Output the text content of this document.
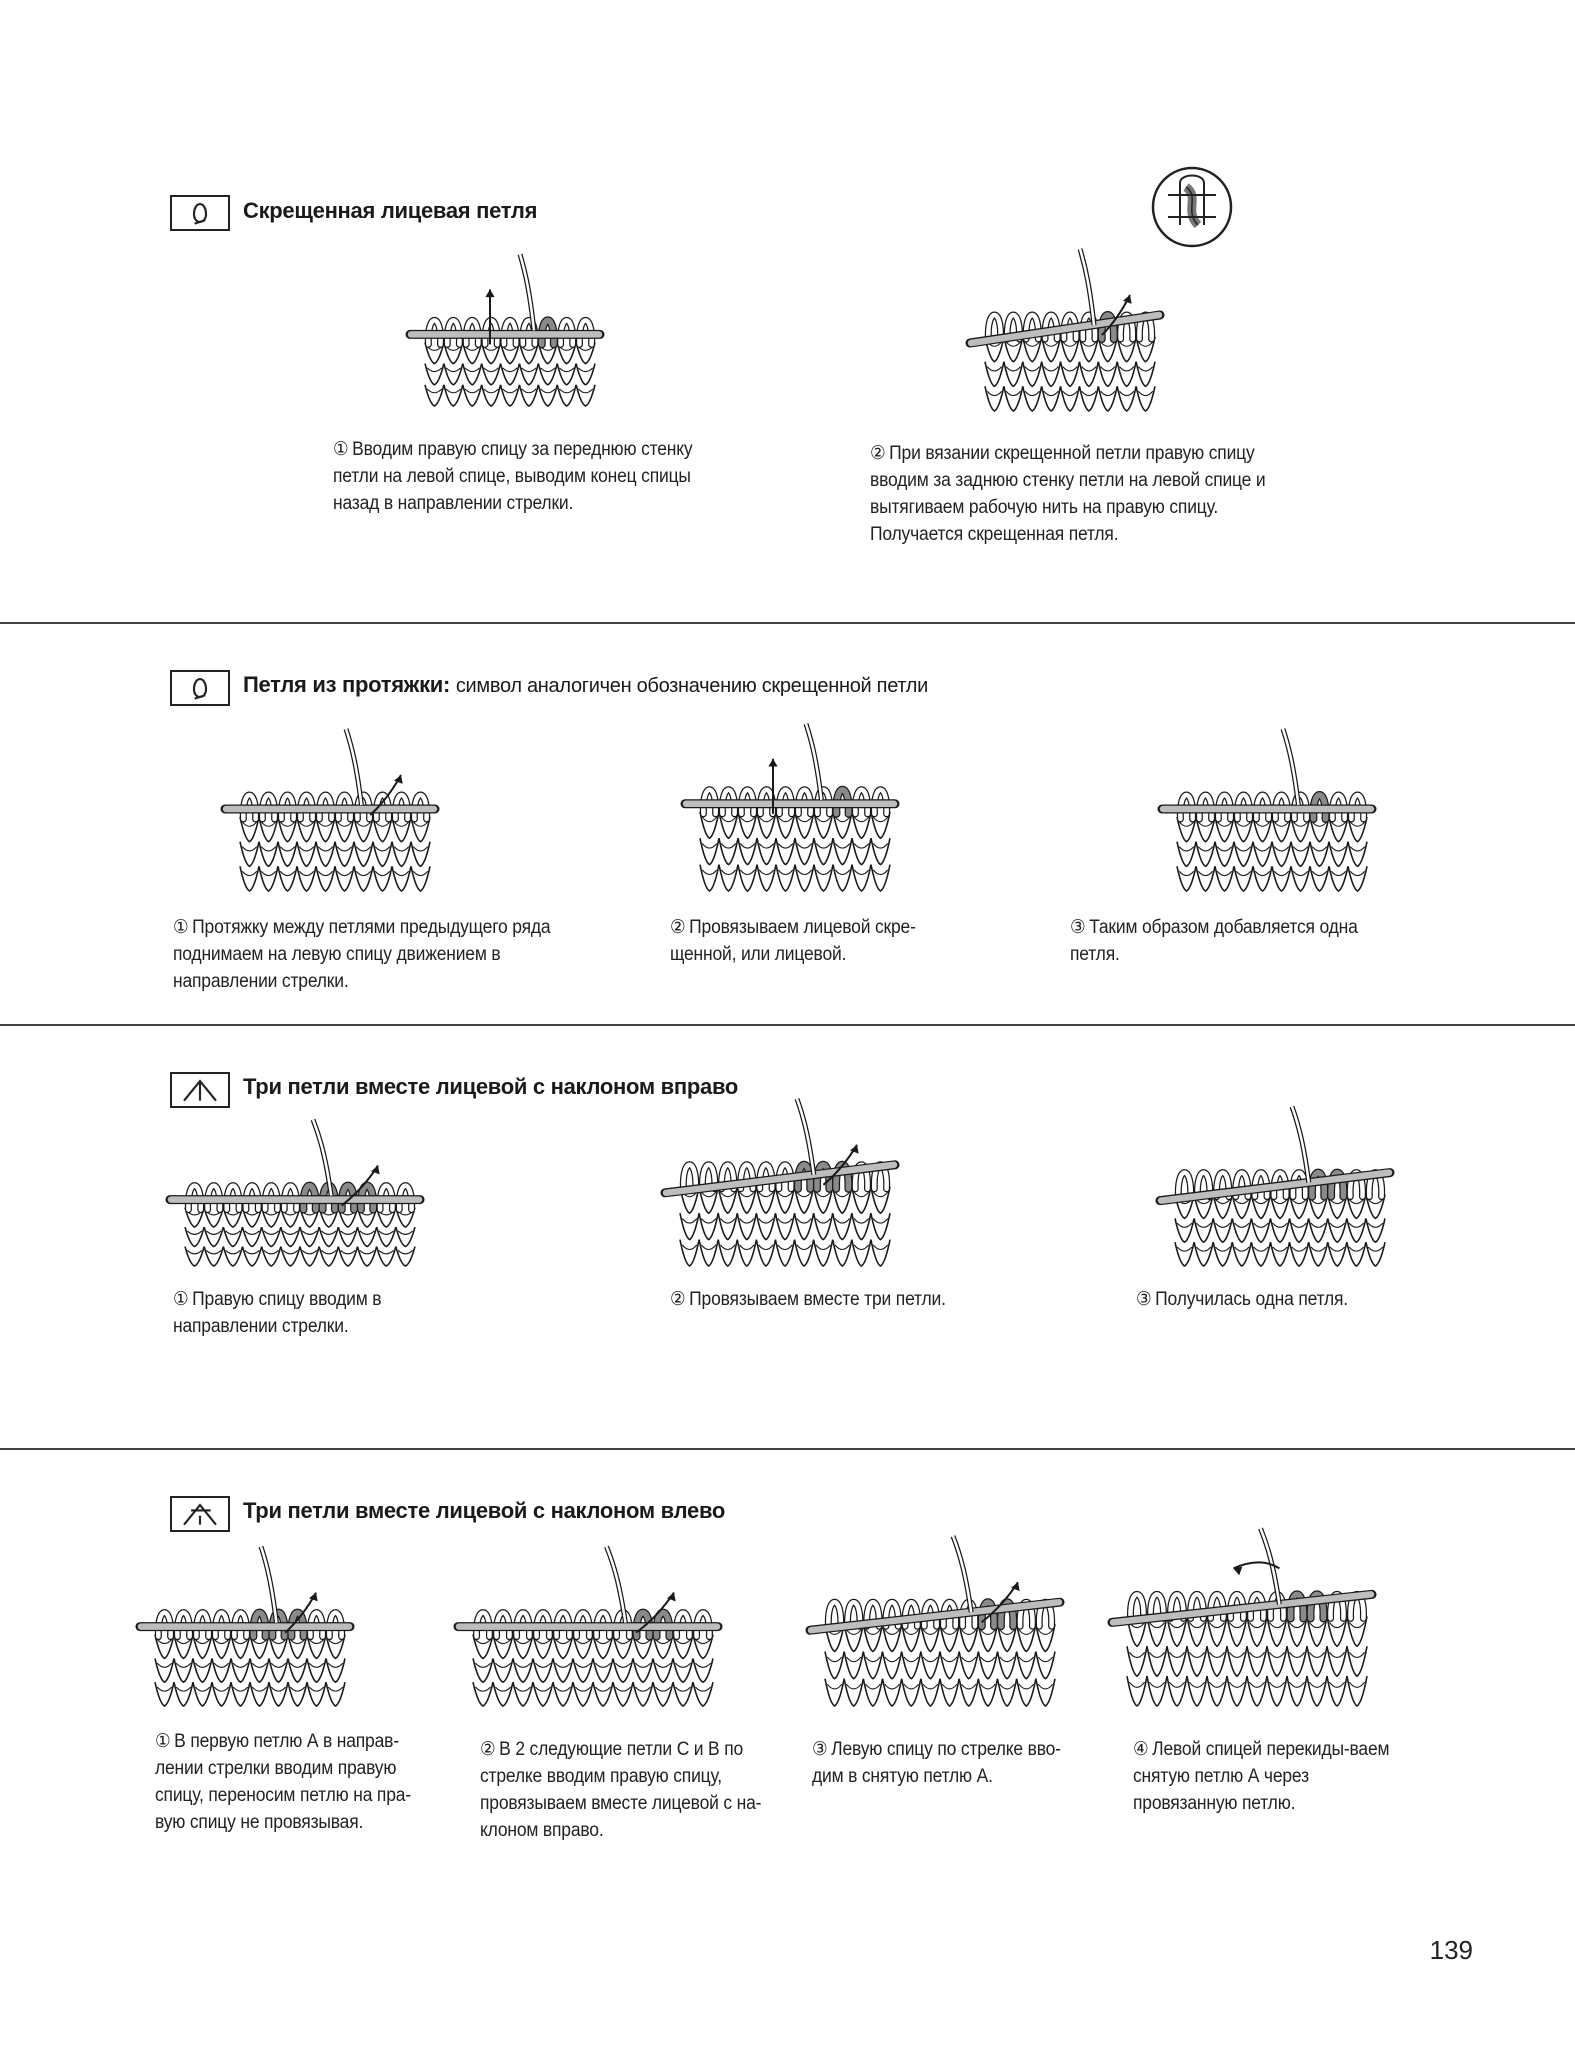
Скрещенная лицевая петля
① Вводим правую спицу за переднюю стенку петли на левой спице, выводим конец спицы назад в направлении стрелки.
② При вязании скрещенной петли правую спицу вводим за заднюю стенку петли на левой спице и вытягиваем рабочую нить на правую спицу. Получается скрещенная петля.
Петля из протяжки: символ аналогичен обозначению скрещенной петли
① Протяжку между петлями предыдущего ряда поднимаем на левую спицу движением в направлении стрелки.
② Провязываем лицевой скре-щенной, или лицевой.
③ Таким образом добавляется одна петля.
Три петли вместе лицевой с наклоном вправо
① Правую спицу вводим в направлении стрелки.
② Провязываем вместе три петли.	③ Получилась одна петля.
Три петли вместе лицевой с наклоном влево
① В первую петлю А в направ-лении стрелки вводим правую спицу, переносим петлю на пра-вую спицу не провязывая.
② В 2 следующие петли С и В по стрелке вводим правую спицу, провязываем вместе лицевой с на-клоном вправо.
③ Левую спицу по стрелке вво-дим в снятую петлю А.
④ Левой спицей перекиды-ваем снятую петлю А через провязанную петлю.
139
